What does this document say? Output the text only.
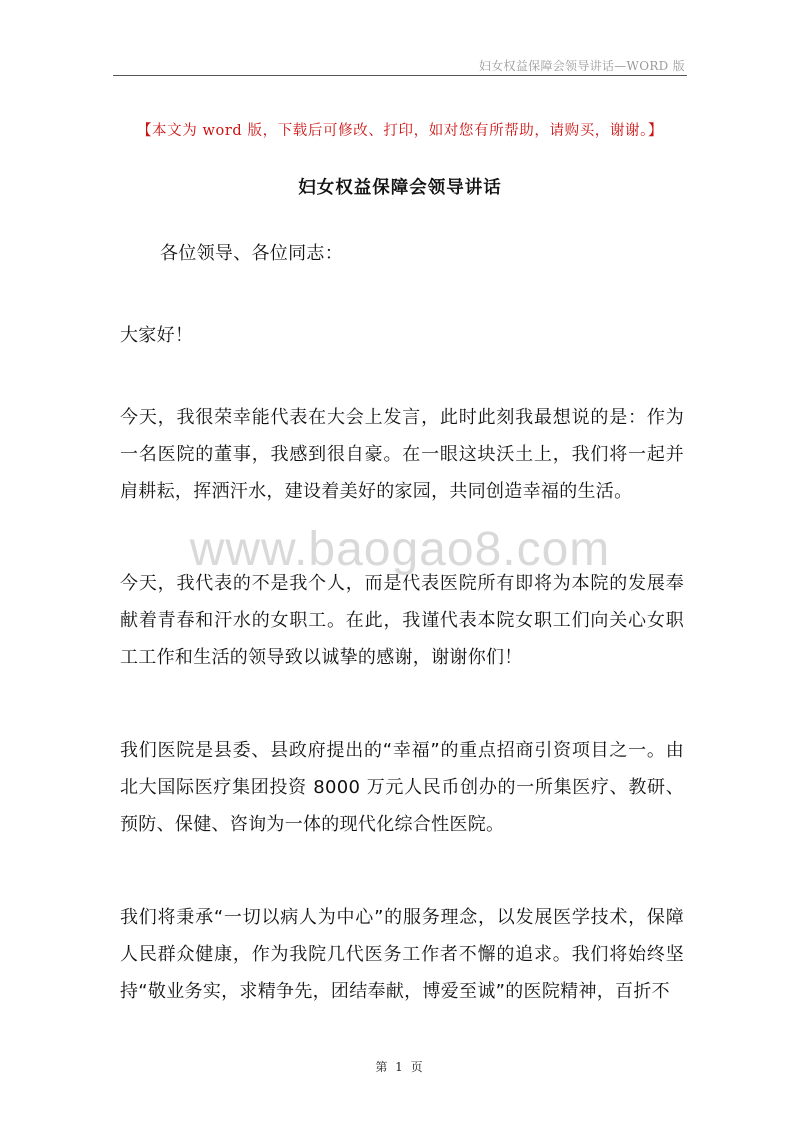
妇女权益保障会领导讲话—WORD 版
【本文为 word 版，下载后可修改、打印，如对您有所帮助，请购买，谢谢。】
妇女权益保障会领导讲话

各位领导、各位同志：

大家好！

今天，我很荣幸能代表在大会上发言，此时此刻我最想说的是：作为一名医院的董事，我感到很自豪。在一眼这块沃土上，我们将一起并肩耕耘，挥洒汗水，建设着美好的家园，共同创造幸福的生活。

今天，我代表的不是我个人，而是代表医院所有即将为本院的发展奉献着青春和汗水的女职工。在此，我谨代表本院女职工们向关心女职工工作和生活的领导致以诚挚的感谢，谢谢你们！

我们医院是县委、县政府提出的“幸福”的重点招商引资项目之一。由北大国际医疗集团投资 8000 万元人民币创办的一所集医疗、教研、预防、保健、咨询为一体的现代化综合性医院。

我们将秉承“一切以病人为中心”的服务理念，以发展医学技术，保障人民群众健康，作为我院几代医务工作者不懈的追求。我们将始终坚持“敬业务实，求精争先，团结奉献，博爱至诚”的医院精神，百折不

www.baogao8.com
第 1 页
